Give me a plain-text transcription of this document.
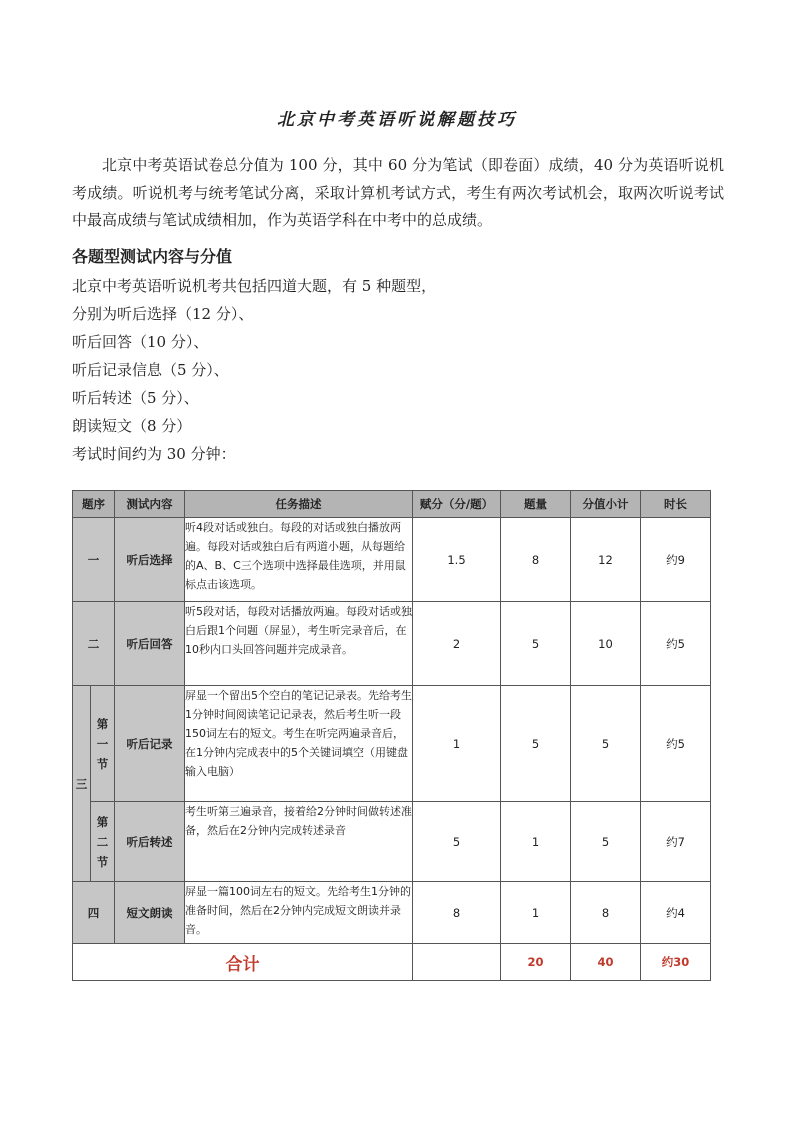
北京中考英语听说解题技巧

北京中考英语试卷总分值为 100 分，其中 60 分为笔试（即卷面）成绩，40 分为英语听说机考成绩。听说机考与统考笔试分离，采取计算机考试方式，考生有两次考试机会，取两次听说考试中最高成绩与笔试成绩相加，作为英语学科在中考中的总成绩。

各题型测试内容与分值
北京中考英语听说机考共包括四道大题，有 5 种题型，
分别为听后选择（12 分）、
听后回答（10 分）、
听后记录信息（5 分）、
听后转述（5 分）、
朗读短文（8 分）
考试时间约为 30 分钟：
题序		测试内容	任务描述	赋分（分/题）	题量	分值小计	时长
一		听后选择	听4段对话或独白。每段的对话或独白播放两遍。每段对话或独白后有两道小题，从每题给的A、B、C三个选项中选择最佳选项，并用鼠标点击该选项。	1.5	8	12	约9
二		听后回答	听5段对话，每段对话播放两遍。每段对话或独白后跟1个问题（屏显），考生听完录音后，在10秒内口头回答问题并完成录音。	2	5	10	约5
三	第
一
节	听后记录	屏显一个留出5个空白的笔记记录表。先给考生1分钟时间阅读笔记记录表，然后考生听一段150词左右的短文。考生在听完两遍录音后，在1分钟内完成表中的5个关键词填空（用键盘输入电脑）	1	5	5	约5

	第
二
节	听后转述	考生听第三遍录音，接着给2分钟时间做转述准备，然后在2分钟内完成转述录音	5	1	5	约7
四		短文朗读	屏显一篇100词左右的短文。先给考生1分钟的准备时间，然后在2分钟内完成短文朗读并录音。	8	1	8	约4
合计					20	40	约30
